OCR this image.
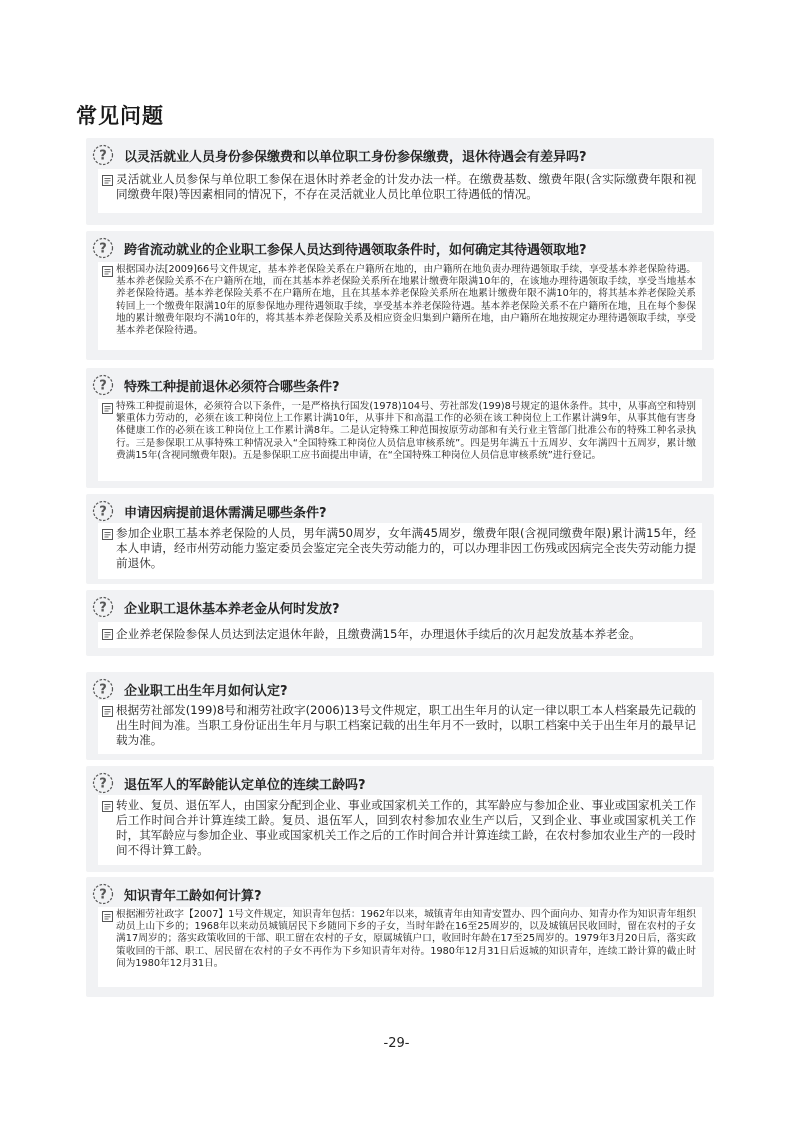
常见问题
? 以灵活就业人员身份参保缴费和以单位职工身份参保缴费，退休待遇会有差异吗?
灵活就业人员参保与单位职工参保在退休时养老金的计发办法一样。在缴费基数、缴费年限(含实际缴费年限和视同缴费年限)等因素相同的情况下，不存在灵活就业人员比单位职工待遇低的情况。
? 跨省流动就业的企业职工参保人员达到待遇领取条件时，如何确定其待遇领取地?
根据国办法[2009]66号文件规定，基本养老保险关系在户籍所在地的，由户籍所在地负责办理待遇领取手续，享受基本养老保险待遇。基本养老保险关系不在户籍所在地，而在其基本养老保险关系所在地累计缴费年限满10年的，在该地办理待遇领取手续，享受当地基本养老保险待遇。基本养老保险关系不在户籍所在地，且在其基本养老保险关系所在地累计缴费年限不满10年的，将其基本养老保险关系转回上一个缴费年限满10年的原参保地办理待遇领取手续，享受基本养老保险待遇。基本养老保险关系不在户籍所在地，且在每个参保地的累计缴费年限均不满10年的，将其基本养老保险关系及相应资金归集到户籍所在地，由户籍所在地按规定办理待遇领取手续，享受基本养老保险待遇。
? 特殊工种提前退休必须符合哪些条件?
特殊工种提前退休，必须符合以下条件，一是严格执行国发(1978)104号、劳社部发(199)8号规定的退休条件。其中，从事高空和特别繁重体力劳动的，必须在该工种岗位上工作累计满10年，从事井下和高温工作的必须在该工种岗位上工作累计满9年，从事其他有害身体健康工作的必须在该工种岗位上工作累计满8年。二是认定特殊工种范围按原劳动部和有关行业主管部门批准公布的特殊工种名录执行。三是参保职工从事特殊工种情况录入“全国特殊工种岗位人员信息审核系统”。四是男年满五十五周岁、女年满四十五周岁，累计缴费满15年(含视同缴费年限)。五是参保职工应书面提出申请，在“全国特殊工种岗位人员信息审核系统”进行登记。
? 申请因病提前退休需满足哪些条件?
参加企业职工基本养老保险的人员，男年满50周岁，女年满45周岁，缴费年限(含视同缴费年限)累计满15年，经本人申请，经市州劳动能力鉴定委员会鉴定完全丧失劳动能力的，可以办理非因工伤残或因病完全丧失劳动能力提前退休。
? 企业职工退休基本养老金从何时发放?
企业养老保险参保人员达到法定退休年龄，且缴费满15年，办理退休手续后的次月起发放基本养老金。
? 企业职工出生年月如何认定?
根据劳社部发(199)8号和湘劳社政字(2006)13号文件规定，职工出生年月的认定一律以职工本人档案最先记载的出生时间为准。当职工身份证出生年月与职工档案记载的出生年月不一致时，以职工档案中关于出生年月的最早记载为准。
? 退伍军人的军龄能认定单位的连续工龄吗?
转业、复员、退伍军人，由国家分配到企业、事业或国家机关工作的，其军龄应与参加企业、事业或国家机关工作后工作时间合并计算连续工龄。复员、退伍军人，回到农村参加农业生产以后，又到企业、事业或国家机关工作时，其军龄应与参加企业、事业或国家机关工作之后的工作时间合并计算连续工龄，在农村参加农业生产的一段时间不得计算工龄。
? 知识青年工龄如何计算?
根据湘劳社政字【2007】1号文件规定，知识青年包括：1962年以来，城镇青年由知青安置办、四个面向办、知青办作为知识青年组织动员上山下乡的；1968年以来动员城镇居民下乡随同下乡的子女，当时年龄在16至25周岁的，以及城镇居民收回时，留在农村的子女满17周岁的；落实政策收回的干部、职工留在农村的子女，原属城镇户口，收回时年龄在17至25周岁的。1979年3月20日后，落实政策收回的干部、职工、居民留在农村的子女不再作为下乡知识青年对待。1980年12月31日后返城的知识青年，连续工龄计算的截止时间为1980年12月31日。
-29-
